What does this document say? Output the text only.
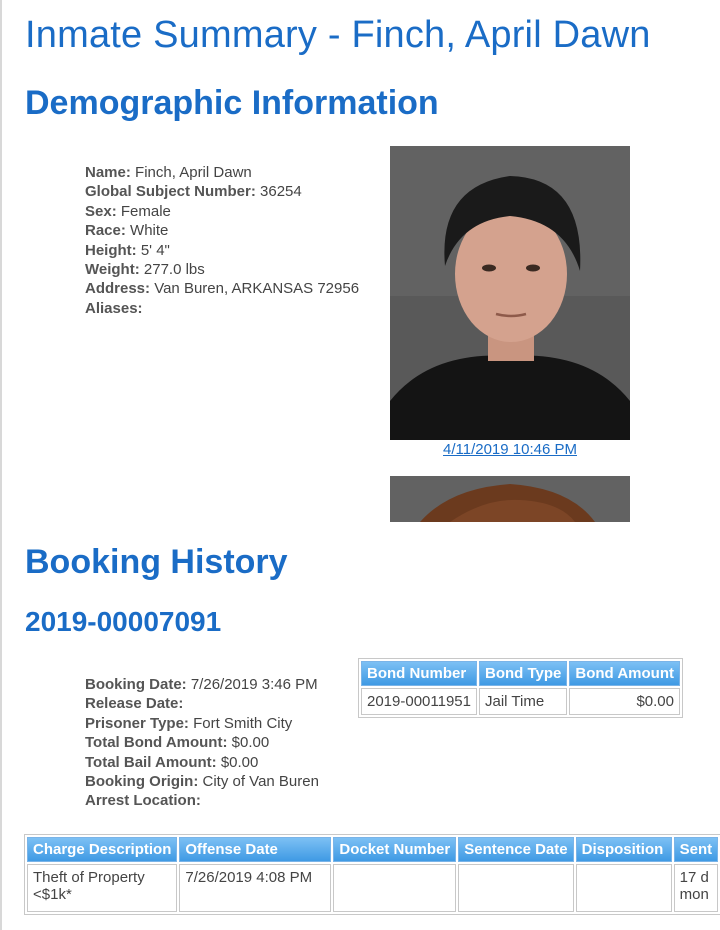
Inmate Summary - Finch, April Dawn
Demographic Information
Name: Finch, April Dawn
Global Subject Number: 36254
Sex: Female
Race: White
Height: 5' 4"
Weight: 277.0 lbs
Address: Van Buren, ARKANSAS 72956
Aliases:
4/11/2019 10:46 PM
Booking History
2019-00007091
Booking Date: 7/26/2019 3:46 PM
Release Date:
Prisoner Type: Fort Smith City
Total Bond Amount: $0.00
Total Bail Amount: $0.00
Booking Origin: City of Van Buren
Arrest Location:
Bond Number	Bond Type	Bond Amount
2019-00011951	Jail Time	$0.00
Charge Description	Offense Date	Docket Number	Sentence Date	Disposition	Sent
Theft of Property
<$1k*	7/26/2019 4:08 PM				17 d
mon
